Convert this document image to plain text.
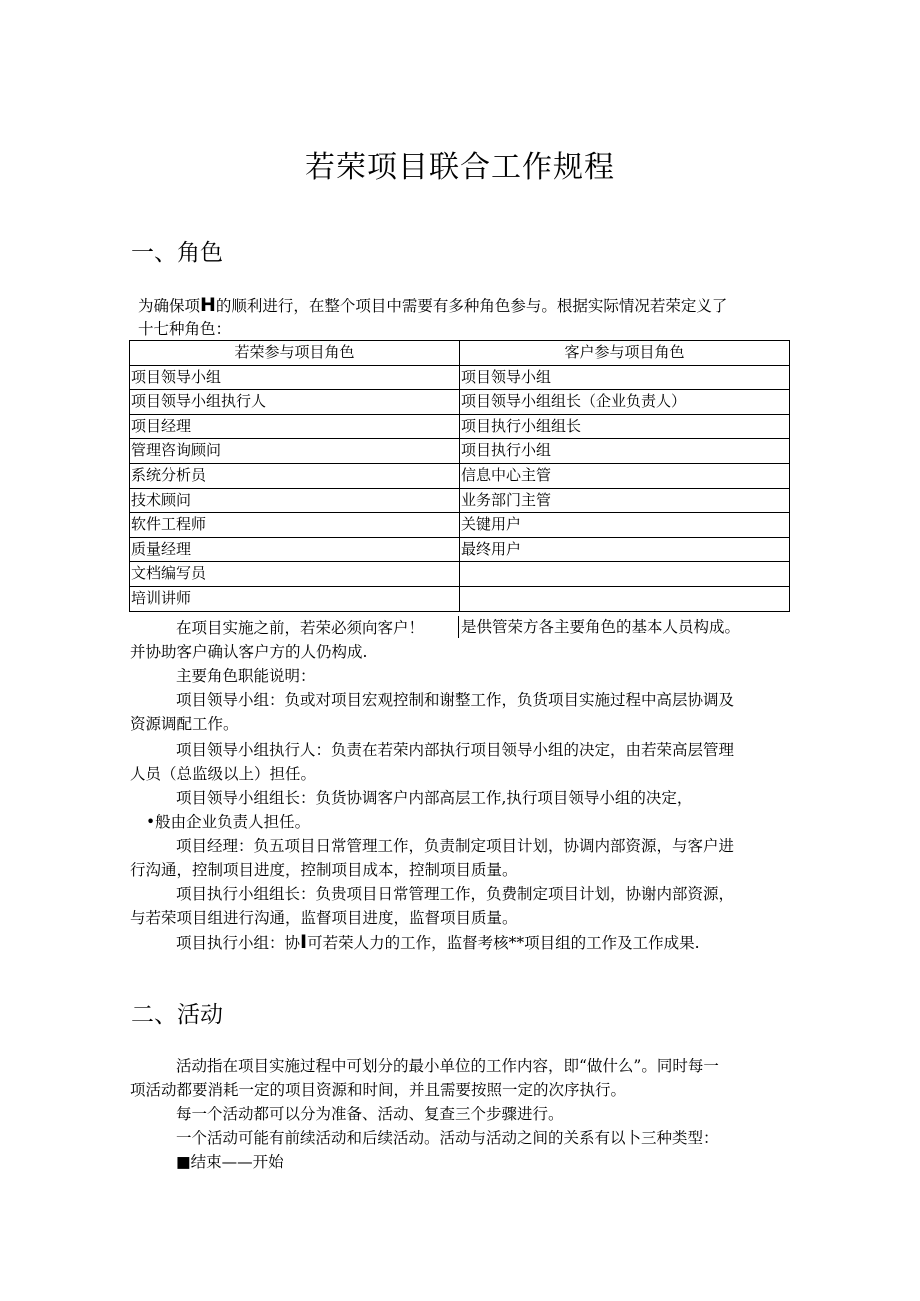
若荣项目联合工作规程
一、角色
为确保项H的顺利进行，在整个项目中需要有多种角色参与。根据实际情况若荣定义了
十七种角色：
若荣参与项目角色	客户参与项目角色
项目领导小组	项目领导小组
项目领导小组执行人	项目领导小组组长（企业负责人）
项目经理	项目执行小组组长
管理咨询顾问	项目执行小组
系统分析员	信息中心主管
技术顾问	业务部门主管
软件工程师	关键用户
质量经理	最终用户
文档编写员	
培训讲师	
在项目实施之前，若荣必须向客户！ 是供管荣方各主要角色的基本人员构成。
并协助客户确认客户方的人仍构成.
主要角色职能说明：
项目领导小组：负或对项目宏观控制和谢整工作，负货项目实施过程中高层协调及
资源调配工作。
项目领导小组执行人：负责在若荣内部执行项目领导小组的决定，由若荣高层管理
人员（总监级以上）担任。
项目领导小组组长：负货协调客户内部高层工作,执行项目领导小组的决定，
•般由企业负责人担任。
项目经理：负五项目日常管理工作，负责制定项目计划，协调内部资源，与客户进
行沟通，控制项目进度，控制项目成本，控制项目质量。
项目执行小组组长：负贵项目日常管理工作，负费制定项目计划，协谢内部资源，
与若荣项目组进行沟通，监督项目进度，监督项目质量。
项目执行小组：协I可若荣人力的工作，监督考核**项目组的工作及工作成果.
二、活动
活动指在项目实施过程中可划分的最小单位的工作内容，即“做什么”。同时每一
项活动都要消耗一定的项目资源和时间，并且需要按照一定的次序执行。
每一个活动都可以分为准备、活动、复查三个步骤进行。
一个活动可能有前续活动和后续活动。活动与活动之间的关系有以卜三种类型：
■结束——开始
